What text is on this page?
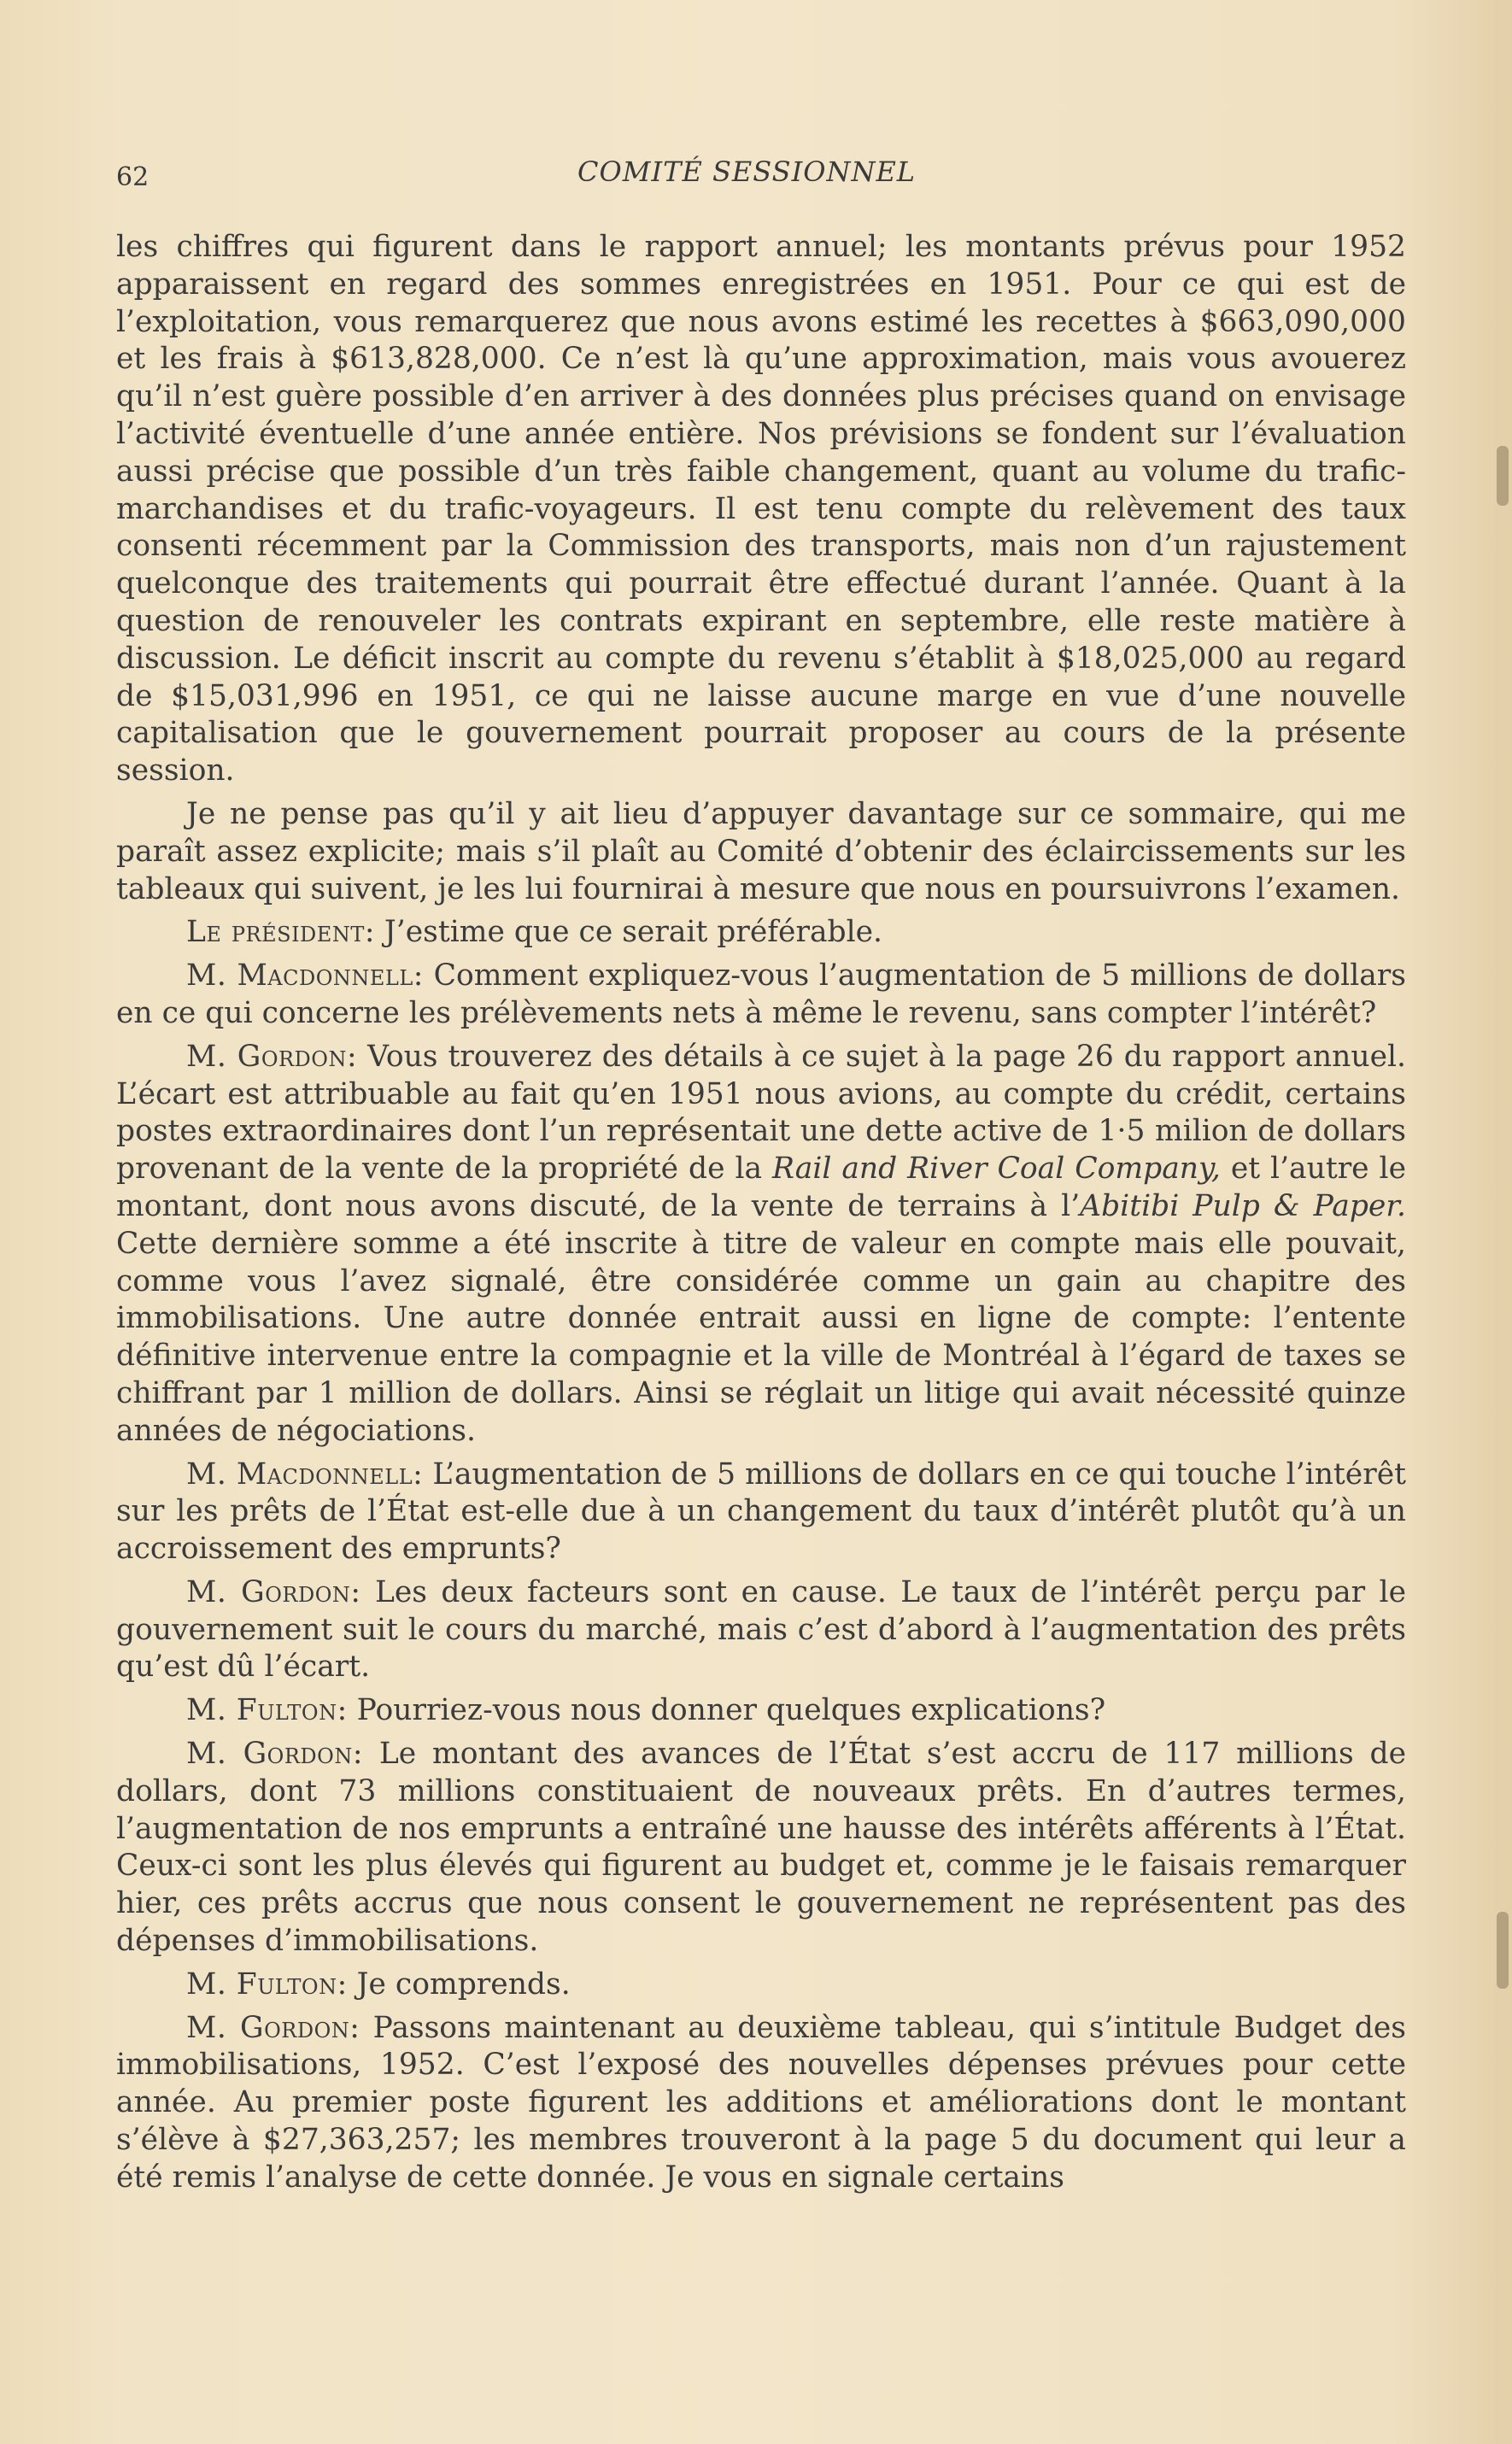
62	COMITÉ SESSIONNEL

les chiffres qui figurent dans le rapport annuel; les montants prévus pour 1952 apparaissent en regard des sommes enregistrées en 1951. Pour ce qui est de l’exploitation, vous remarquerez que nous avons estimé les recettes à $663,090,000 et les frais à $613,828,000. Ce n’est là qu’une approximation, mais vous avouerez qu’il n’est guère possible d’en arriver à des données plus précises quand on envisage l’activité éventuelle d’une année entière. Nos prévisions se fondent sur l’évaluation aussi précise que possible d’un très faible changement, quant au volume du trafic-marchandises et du trafic-voyageurs. Il est tenu compte du relèvement des taux consenti récemment par la Commission des transports, mais non d’un rajustement quelconque des traitements qui pourrait être effectué durant l’année. Quant à la question de renouveler les contrats expirant en septembre, elle reste matière à discussion. Le déficit inscrit au compte du revenu s’établit à $18,025,000 au regard de $15,031,996 en 1951, ce qui ne laisse aucune marge en vue d’une nouvelle capitalisation que le gouvernement pourrait proposer au cours de la présente session.

Je ne pense pas qu’il y ait lieu d’appuyer davantage sur ce sommaire, qui me paraît assez explicite; mais s’il plaît au Comité d’obtenir des éclaircissements sur les tableaux qui suivent, je les lui fournirai à mesure que nous en poursuivrons l’examen.

Le président: J’estime que ce serait préférable.

M. Macdonnell: Comment expliquez-vous l’augmentation de 5 millions de dollars en ce qui concerne les prélèvements nets à même le revenu, sans compter l’intérêt?

M. Gordon: Vous trouverez des détails à ce sujet à la page 26 du rapport annuel. L’écart est attribuable au fait qu’en 1951 nous avions, au compte du crédit, certains postes extraordinaires dont l’un représentait une dette active de 1·5 milion de dollars provenant de la vente de la propriété de la Rail and River Coal Company, et l’autre le montant, dont nous avons discuté, de la vente de terrains à l’Abitibi Pulp & Paper. Cette dernière somme a été inscrite à titre de valeur en compte mais elle pouvait, comme vous l’avez signalé, être considérée comme un gain au chapitre des immobilisations. Une autre donnée entrait aussi en ligne de compte: l’entente définitive intervenue entre la compagnie et la ville de Montréal à l’égard de taxes se chiffrant par 1 million de dollars. Ainsi se réglait un litige qui avait nécessité quinze années de négociations.

M. Macdonnell: L’augmentation de 5 millions de dollars en ce qui touche l’intérêt sur les prêts de l’État est-elle due à un changement du taux d’intérêt plutôt qu’à un accroissement des emprunts?

M. Gordon: Les deux facteurs sont en cause. Le taux de l’intérêt perçu par le gouvernement suit le cours du marché, mais c’est d’abord à l’augmentation des prêts qu’est dû l’écart.

M. Fulton: Pourriez-vous nous donner quelques explications?

M. Gordon: Le montant des avances de l’État s’est accru de 117 millions de dollars, dont 73 millions constituaient de nouveaux prêts. En d’autres termes, l’augmentation de nos emprunts a entraîné une hausse des intérêts afférents à l’État. Ceux-ci sont les plus élevés qui figurent au budget et, comme je le faisais remarquer hier, ces prêts accrus que nous consent le gouvernement ne représentent pas des dépenses d’immobilisations.

M. Fulton: Je comprends.

M. Gordon: Passons maintenant au deuxième tableau, qui s’intitule Budget des immobilisations, 1952. C’est l’exposé des nouvelles dépenses prévues pour cette année. Au premier poste figurent les additions et améliorations dont le montant s’élève à $27,363,257; les membres trouveront à la page 5 du document qui leur a été remis l’analyse de cette donnée. Je vous en signale certains
